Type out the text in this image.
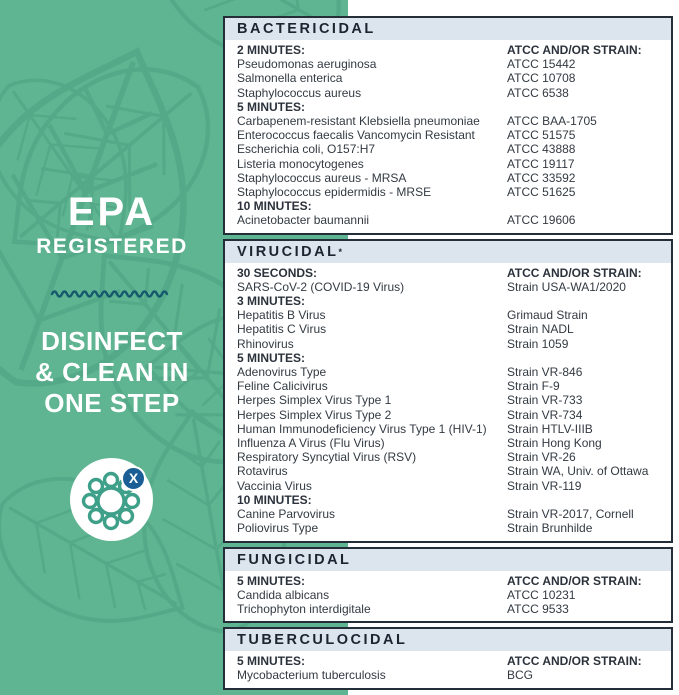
EPA
REGISTERED
DISINFECT
& CLEAN IN
ONE STEP
X
BACTERICIDAL
2 MINUTES:	ATCC AND/OR STRAIN:
Pseudomonas aeruginosa	ATCC 15442
Salmonella enterica	ATCC 10708
Staphylococcus aureus	ATCC 6538
5 MINUTES:
Carbapenem-resistant Klebsiella pneumoniae	ATCC BAA-1705
Enterococcus faecalis Vancomycin Resistant	ATCC 51575
Escherichia coli, O157:H7	ATCC 43888
Listeria monocytogenes	ATCC 19117
Staphylococcus aureus - MRSA	ATCC 33592
Staphylococcus epidermidis - MRSE	ATCC 51625
10 MINUTES:
Acinetobacter baumannii	ATCC 19606
VIRUCIDAL*
30 SECONDS:	ATCC AND/OR STRAIN:
SARS-CoV-2 (COVID-19 Virus)	Strain USA-WA1/2020
3 MINUTES:
Hepatitis B Virus	Grimaud Strain
Hepatitis C Virus	Strain NADL
Rhinovirus	Strain 1059
5 MINUTES:
Adenovirus Type	Strain VR-846
Feline Calicivirus	Strain F-9
Herpes Simplex Virus Type 1	Strain VR-733
Herpes Simplex Virus Type 2	Strain VR-734
Human Immunodeficiency Virus Type 1 (HIV-1)	Strain HTLV-IIIB
Influenza A Virus (Flu Virus)	Strain Hong Kong
Respiratory Syncytial Virus (RSV)	Strain VR-26
Rotavirus	Strain WA, Univ. of Ottawa
Vaccinia Virus	Strain VR-119
10 MINUTES:
Canine Parvovirus	Strain VR-2017, Cornell
Poliovirus Type	Strain Brunhilde
FUNGICIDAL
5 MINUTES:	ATCC AND/OR STRAIN:
Candida albicans	ATCC 10231
Trichophyton interdigitale	ATCC 9533
TUBERCULOCIDAL
5 MINUTES:	ATCC AND/OR STRAIN:
Mycobacterium tuberculosis	BCG
